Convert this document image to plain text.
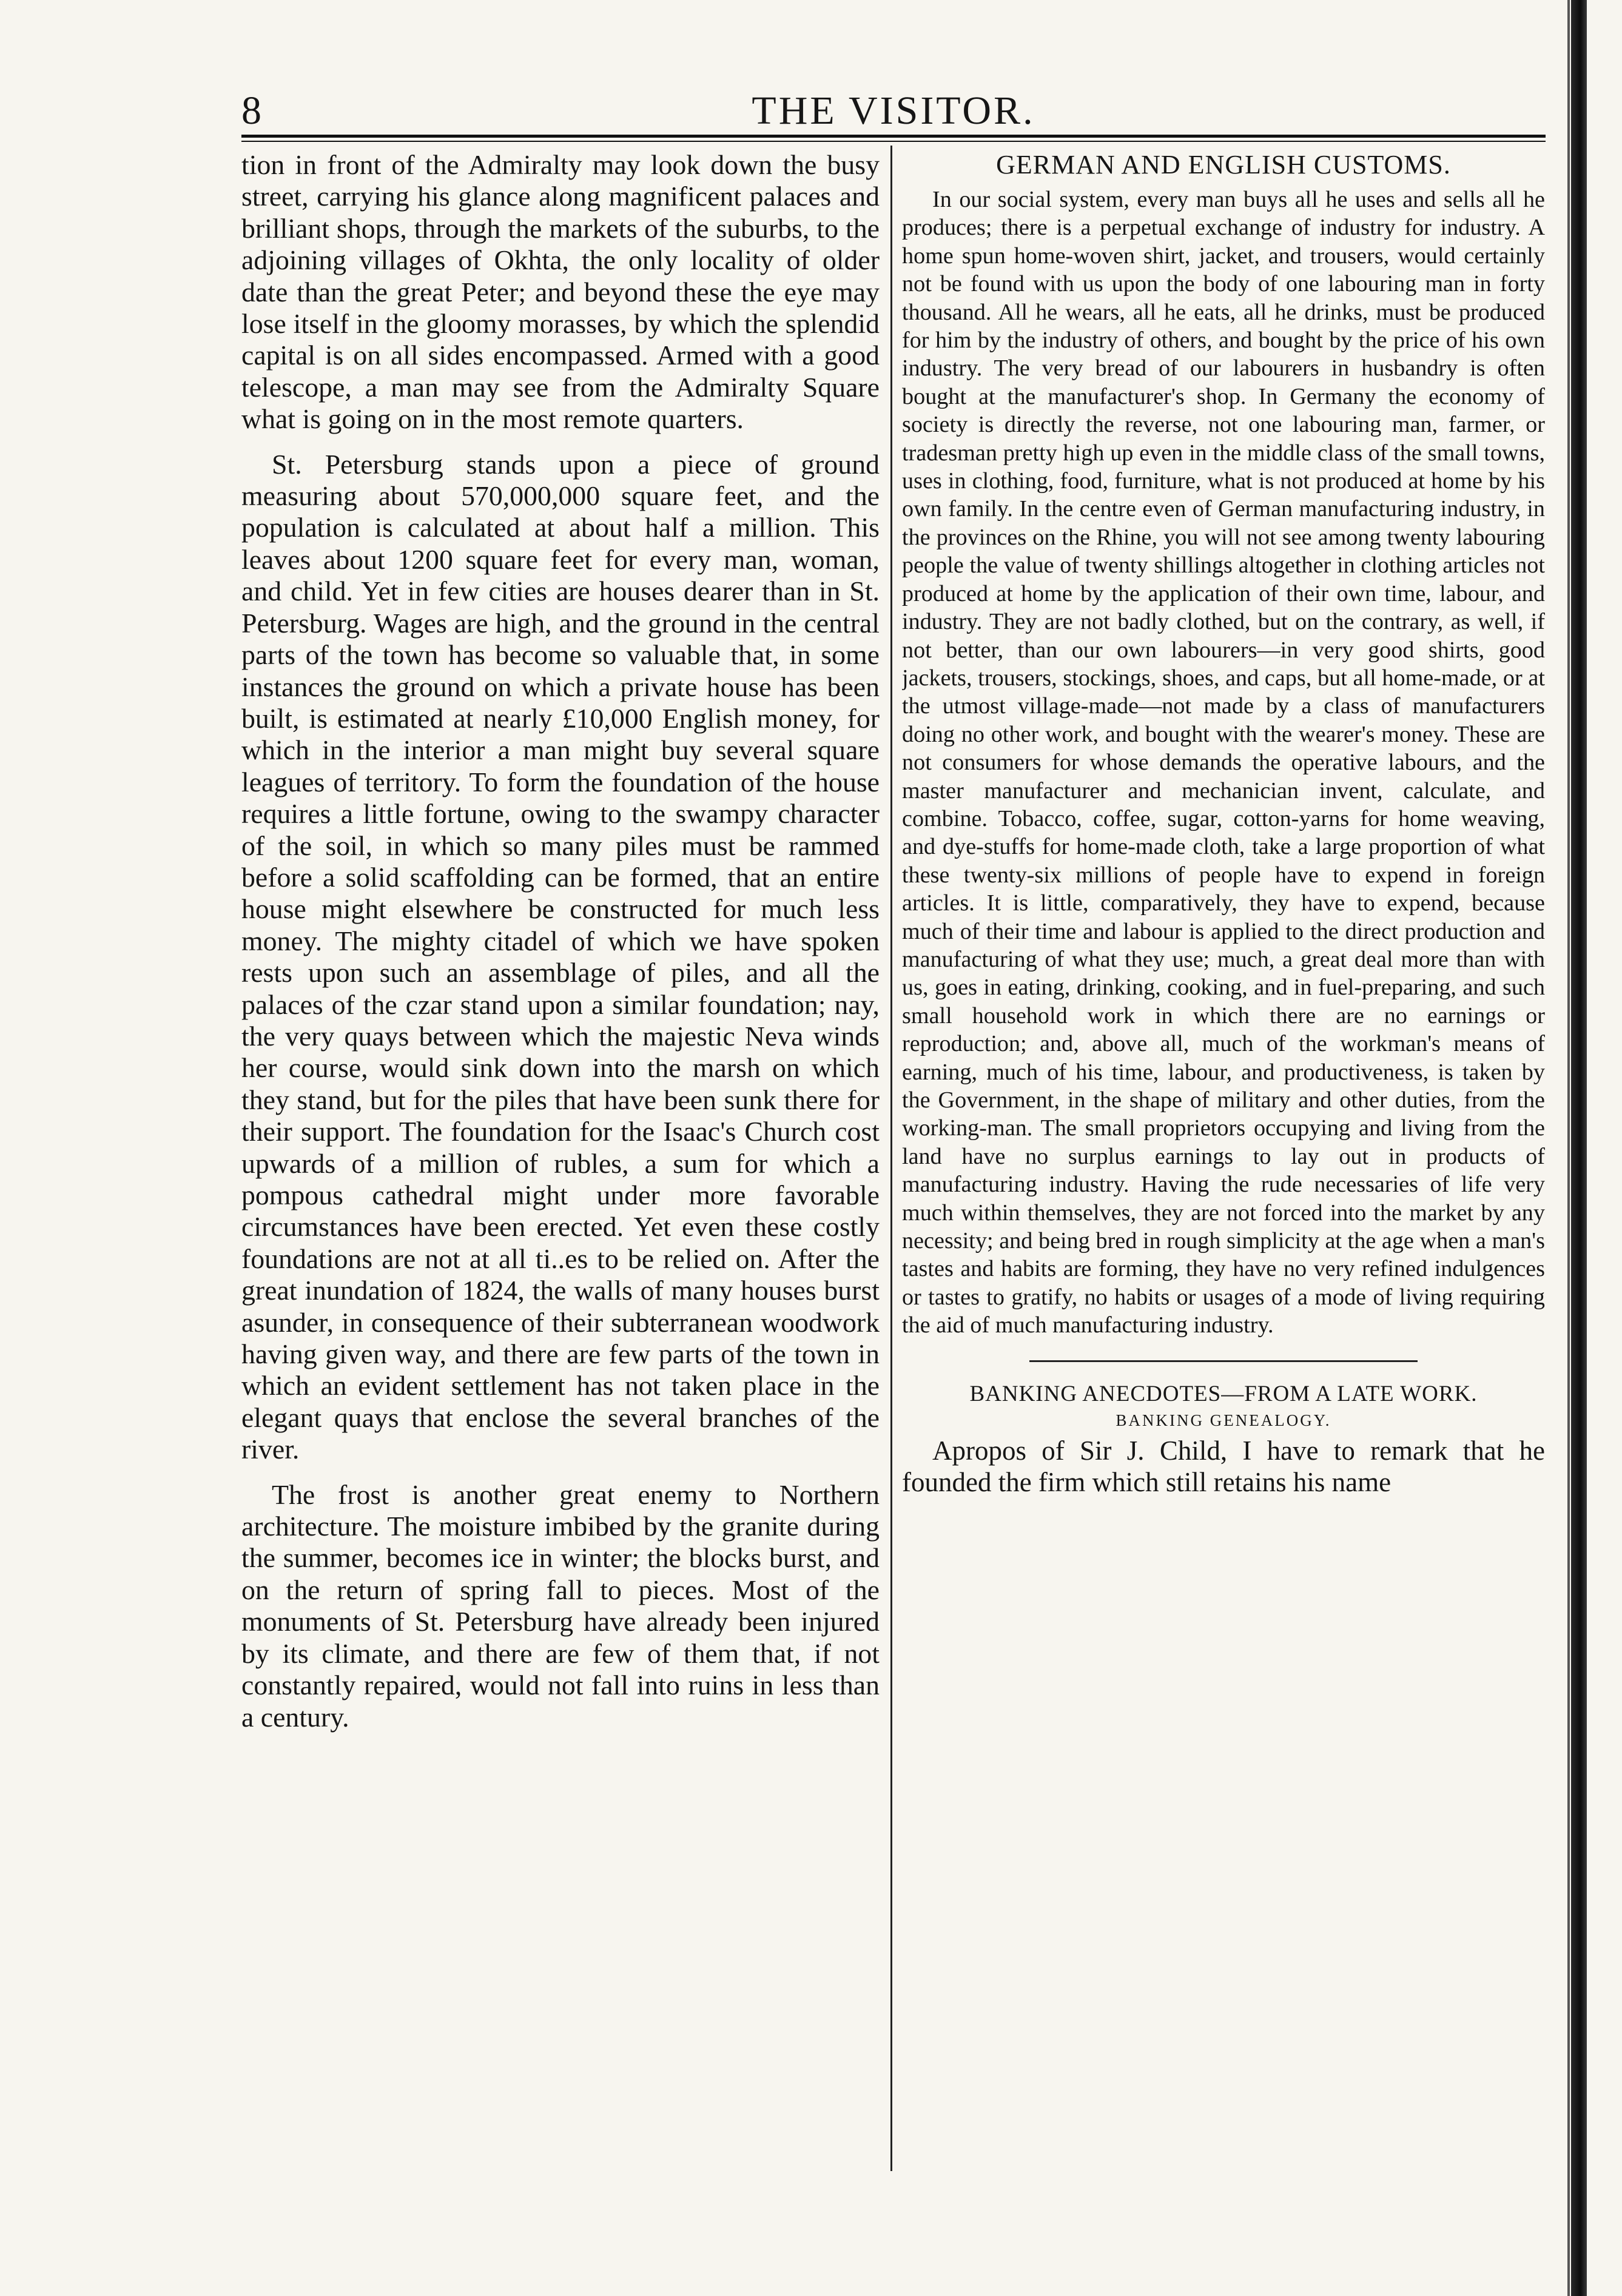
8	THE VISITOR.

tion in front of the Admiralty may look down the busy street, carrying his glance along magnificent palaces and brilliant shops, through the markets of the suburbs, to the adjoining villages of Okhta, the only locality of older date than the great Peter; and beyond these the eye may lose itself in the gloomy morasses, by which the splendid capital is on all sides encompassed. Armed with a good telescope, a man may see from the Admiralty Square what is going on in the most remote quarters.

St. Petersburg stands upon a piece of ground measuring about 570,000,000 square feet, and the population is calculated at about half a million. This leaves about 1200 square feet for every man, woman, and child. Yet in few cities are houses dearer than in St. Petersburg. Wages are high, and the ground in the central parts of the town has become so valuable that, in some instances the ground on which a private house has been built, is estimated at nearly £10,000 English money, for which in the interior a man might buy several square leagues of territory. To form the foundation of the house requires a little fortune, owing to the swampy character of the soil, in which so many piles must be rammed before a solid scaffolding can be formed, that an entire house might elsewhere be constructed for much less money. The mighty citadel of which we have spoken rests upon such an assemblage of piles, and all the palaces of the czar stand upon a similar foundation; nay, the very quays between which the majestic Neva winds her course, would sink down into the marsh on which they stand, but for the piles that have been sunk there for their support. The foundation for the Isaac's Church cost upwards of a million of rubles, a sum for which a pompous cathedral might under more favorable circumstances have been erected. Yet even these costly foundations are not at all ti..es to be relied on. After the great inundation of 1824, the walls of many houses burst asunder, in consequence of their subterranean woodwork having given way, and there are few parts of the town in which an evident settlement has not taken place in the elegant quays that enclose the several branches of the river.

The frost is another great enemy to Northern architecture. The moisture imbibed by the granite during the summer, becomes ice in winter; the blocks burst, and on the return of spring fall to pieces. Most of the monuments of St. Petersburg have already been injured by its climate, and there are few of them that, if not constantly repaired, would not fall into ruins in less than a century.

GERMAN AND ENGLISH CUSTOMS.

In our social system, every man buys all he uses and sells all he produces; there is a perpetual exchange of industry for industry. A home spun home-woven shirt, jacket, and trousers, would certainly not be found with us upon the body of one labouring man in forty thousand. All he wears, all he eats, all he drinks, must be produced for him by the industry of others, and bought by the price of his own industry. The very bread of our labourers in husbandry is often bought at the manufacturer's shop. In Germany the economy of society is directly the reverse, not one labouring man, farmer, or tradesman pretty high up even in the middle class of the small towns, uses in clothing, food, furniture, what is not produced at home by his own family. In the centre even of German manufacturing industry, in the provinces on the Rhine, you will not see among twenty labouring people the value of twenty shillings altogether in clothing articles not produced at home by the application of their own time, labour, and industry. They are not badly clothed, but on the contrary, as well, if not better, than our own labourers—in very good shirts, good jackets, trousers, stockings, shoes, and caps, but all home-made, or at the utmost village-made—not made by a class of manufacturers doing no other work, and bought with the wearer's money. These are not consumers for whose demands the operative labours, and the master manufacturer and mechanician invent, calculate, and combine. Tobacco, coffee, sugar, cotton-yarns for home weaving, and dye-stuffs for home-made cloth, take a large proportion of what these twenty-six millions of people have to expend in foreign articles. It is little, comparatively, they have to expend, because much of their time and labour is applied to the direct production and manufacturing of what they use; much, a great deal more than with us, goes in eating, drinking, cooking, and in fuel-preparing, and such small household work in which there are no earnings or reproduction; and, above all, much of the workman's means of earning, much of his time, labour, and productiveness, is taken by the Government, in the shape of military and other duties, from the working-man. The small proprietors occupying and living from the land have no surplus earnings to lay out in products of manufacturing industry. Having the rude necessaries of life very much within themselves, they are not forced into the market by any necessity; and being bred in rough simplicity at the age when a man's tastes and habits are forming, they have no very refined indulgences or tastes to gratify, no habits or usages of a mode of living requiring the aid of much manufacturing industry.

BANKING ANECDOTES—FROM A LATE WORK.
BANKING GENEALOGY.

Apropos of Sir J. Child, I have to remark that he founded the firm which still retains his name
